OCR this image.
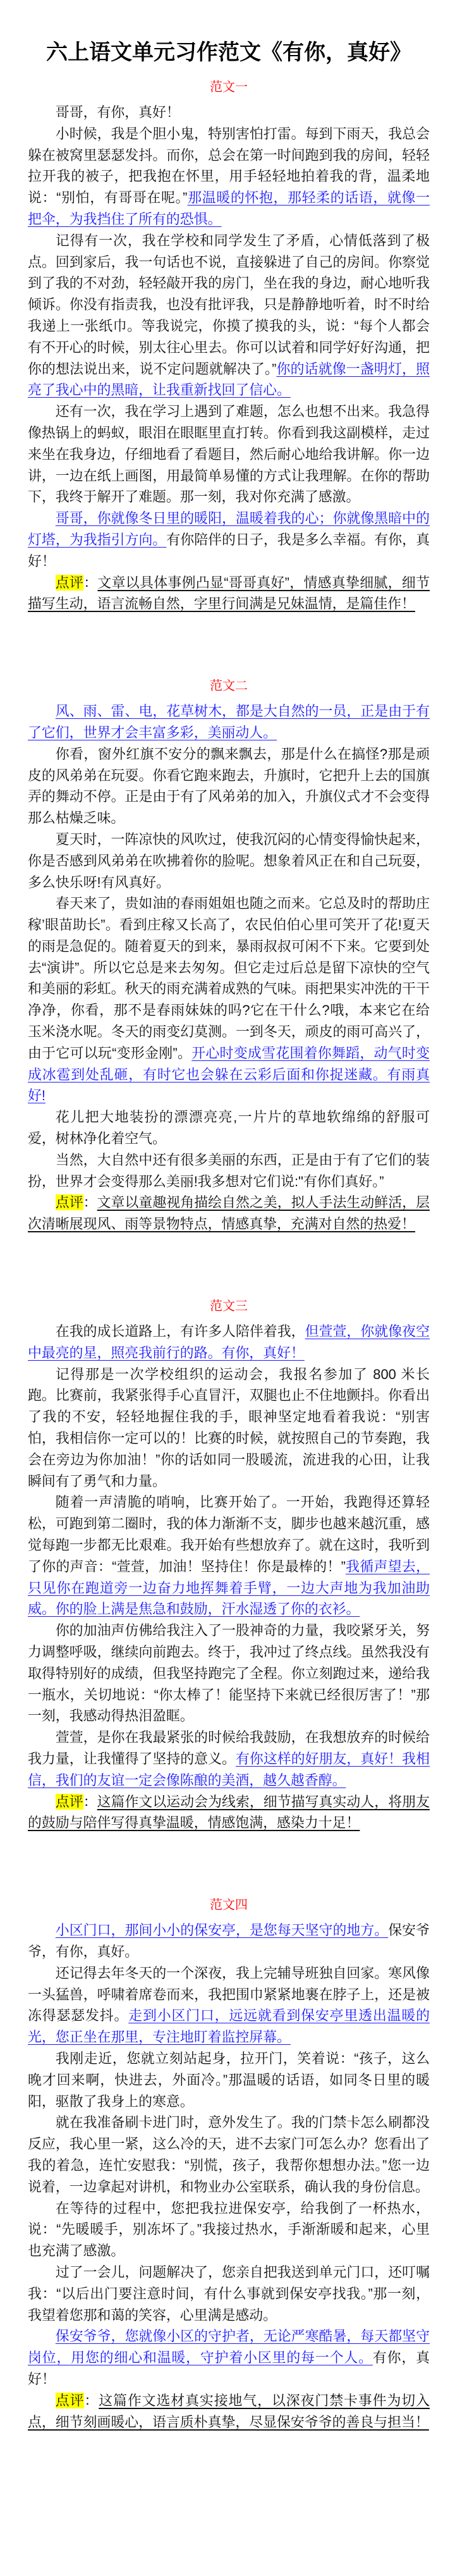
六上语文单元习作范文《有你，真好》
范文一

哥哥，有你，真好！

小时候，我是个胆小鬼，特别害怕打雷。每到下雨天，我总会躲在被窝里瑟瑟发抖。而你，总会在第一时间跑到我的房间，轻轻拉开我的被子，把我抱在怀里，用手轻轻地拍着我的背，温柔地说：“别怕，有哥哥在呢。”那温暖的怀抱，那轻柔的话语，就像一把伞，为我挡住了所有的恐惧。

记得有一次，我在学校和同学发生了矛盾，心情低落到了极点。回到家后，我一句话也不说，直接躲进了自己的房间。你察觉到了我的不对劲，轻轻敲开我的房门，坐在我的身边，耐心地听我倾诉。你没有指责我，也没有批评我，只是静静地听着，时不时给我递上一张纸巾。等我说完，你摸了摸我的头，说：“每个人都会有不开心的时候，别太往心里去。你可以试着和同学好好沟通，把你的想法说出来，说不定问题就解决了。”你的话就像一盏明灯，照亮了我心中的黑暗，让我重新找回了信心。

还有一次，我在学习上遇到了难题，怎么也想不出来。我急得像热锅上的蚂蚁，眼泪在眼眶里直打转。你看到我这副模样，走过来坐在我身边，仔细地看了看题目，然后耐心地给我讲解。你一边讲，一边在纸上画图，用最简单易懂的方式让我理解。在你的帮助下，我终于解开了难题。那一刻，我对你充满了感激。

哥哥，你就像冬日里的暖阳，温暖着我的心；你就像黑暗中的灯塔，为我指引方向。有你陪伴的日子，我是多么幸福。有你，真好！

点评：文章以具体事例凸显“哥哥真好”，情感真挚细腻，细节描写生动，语言流畅自然，字里行间满是兄妹温情，是篇佳作！

范文二

风、雨、雷、电，花草树木，都是大自然的一员，正是由于有了它们，世界才会丰富多彩，美丽动人。

你看，窗外红旗不安分的飘来飘去，那是什么在搞怪?那是顽皮的风弟弟在玩耍。你看它跑来跑去，升旗时，它把升上去的国旗弄的舞动不停。正是由于有了风弟弟的加入，升旗仪式才不会变得那么枯燥乏味。

夏天时，一阵凉快的风吹过，使我沉闷的心情变得愉快起来，你是否感到风弟弟在吹拂着你的脸呢。想象着风正在和自己玩耍，多么快乐呀!有风真好。

春天来了，贵如油的春雨姐姐也随之而来。它总及时的帮助庄稼’眼苗助长”。看到庄稼又长高了，农民伯伯心里可笑开了花!夏天的雨是急促的。随着夏天的到来，暴雨叔叔可闲不下来。它要到处去“演讲”。所以它总是来去匆匆。但它走过后总是留下凉快的空气和美丽的彩虹。秋天的雨充满着成熟的气味。雨把果实冲洗的干干净净，你看，那不是春雨妹妹的吗?它在干什么?哦，本来它在给玉米浇水呢。冬天的雨变幻莫测。一到冬天，顽皮的雨可高兴了，由于它可以玩“变形金刚”。开心时变成雪花围着你舞蹈，动气时变成冰雹到处乱砸，有时它也会躲在云彩后面和你捉迷藏。有雨真好!

花儿把大地装扮的漂漂亮亮,一片片的草地软绵绵的舒服可爱，树林净化着空气。

当然，大自然中还有很多美丽的东西，正是由于有了它们的装扮，世界才会变得那么美丽!我多想对它们说:"有你们真好。”

点评：文章以童趣视角描绘自然之美，拟人手法生动鲜活，层次清晰展现风、雨等景物特点，情感真挚，充满对自然的热爱！

范文三

在我的成长道路上，有许多人陪伴着我，但萱萱，你就像夜空中最亮的星，照亮我前行的路。有你，真好！

记得那是一次学校组织的运动会，我报名参加了 800 米长跑。比赛前，我紧张得手心直冒汗，双腿也止不住地颤抖。你看出了我的不安，轻轻地握住我的手，眼神坚定地看着我说：“别害怕，我相信你一定可以的！比赛的时候，就按照自己的节奏跑，我会在旁边为你加油！”你的话如同一股暖流，流进我的心田，让我瞬间有了勇气和力量。

随着一声清脆的哨响，比赛开始了。一开始，我跑得还算轻松，可跑到第二圈时，我的体力渐渐不支，脚步也越来越沉重，感觉每跑一步都无比艰难。我开始有些想放弃了。就在这时，我听到了你的声音：“萱萱，加油！坚持住！你是最棒的！”我循声望去，只见你在跑道旁一边奋力地挥舞着手臂，一边大声地为我加油助威。你的脸上满是焦急和鼓励，汗水湿透了你的衣衫。

你的加油声仿佛给我注入了一股神奇的力量，我咬紧牙关，努力调整呼吸，继续向前跑去。终于，我冲过了终点线。虽然我没有取得特别好的成绩，但我坚持跑完了全程。你立刻跑过来，递给我一瓶水，关切地说：“你太棒了！能坚持下来就已经很厉害了！”那一刻，我感动得热泪盈眶。

萱萱，是你在我最紧张的时候给我鼓励，在我想放弃的时候给我力量，让我懂得了坚持的意义。有你这样的好朋友，真好！我相信，我们的友谊一定会像陈酿的美酒，越久越香醇。

点评：这篇作文以运动会为线索，细节描写真实动人，将朋友的鼓励与陪伴写得真挚温暖，情感饱满，感染力十足！

范文四

小区门口，那间小小的保安亭，是您每天坚守的地方。保安爷爷，有你，真好。

还记得去年冬天的一个深夜，我上完辅导班独自回家。寒风像一头猛兽，呼啸着席卷而来，我把围巾紧紧地裹在脖子上，还是被冻得瑟瑟发抖。走到小区门口，远远就看到保安亭里透出温暖的光，您正坐在那里，专注地盯着监控屏幕。

我刚走近，您就立刻站起身，拉开门，笑着说：“孩子，这么晚才回来啊，快进去，外面冷。”那温暖的话语，如同冬日里的暖阳，驱散了我身上的寒意。

就在我准备刷卡进门时，意外发生了。我的门禁卡怎么刷都没反应，我心里一紧，这么冷的天，进不去家门可怎么办？您看出了我的着急，连忙安慰我：“别慌，孩子，我帮你想想办法。”您一边说着，一边拿起对讲机，和物业办公室联系，确认我的身份信息。

在等待的过程中，您把我拉进保安亭，给我倒了一杯热水，说：“先暖暖手，别冻坏了。”我接过热水，手渐渐暖和起来，心里也充满了感激。

过了一会儿，问题解决了，您亲自把我送到单元门口，还叮嘱我：“以后出门要注意时间，有什么事就到保安亭找我。”那一刻，我望着您那和蔼的笑容，心里满是感动。

保安爷爷，您就像小区的守护者，无论严寒酷暑，每天都坚守岗位，用您的细心和温暖，守护着小区里的每一个人。有你，真好！

点评：这篇作文选材真实接地气，以深夜门禁卡事件为切入点，细节刻画暖心，语言质朴真挚，尽显保安爷爷的善良与担当！
